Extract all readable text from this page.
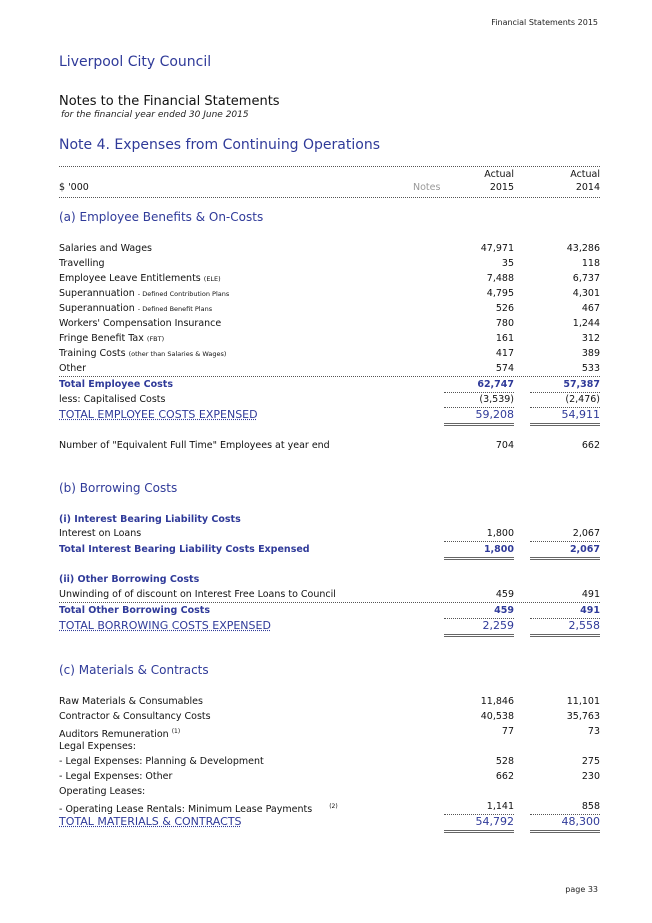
Financial Statements 2015
Liverpool City Council
Notes to the Financial Statements
for the financial year ended 30 June 2015
Note 4. Expenses from Continuing Operations
Actual	Actual
$ '000	Notes	2015	2014
(a) Employee Benefits & On-Costs
Salaries and Wages	47,971	43,286
Travelling	35	118
Employee Leave Entitlements (ELE)	7,488	6,737
Superannuation - Defined Contribution Plans	4,795	4,301
Superannuation - Defined Benefit Plans	526	467
Workers' Compensation Insurance	780	1,244
Fringe Benefit Tax (FBT)	161	312
Training Costs (other than Salaries & Wages)	417	389
Other	574	533
Total Employee Costs	62,747	57,387
less: Capitalised Costs	(3,539)	(2,476)
TOTAL EMPLOYEE COSTS EXPENSED	59,208	54,911
Number of "Equivalent Full Time" Employees at year end	704	662
(b) Borrowing Costs
(i) Interest Bearing Liability Costs
Interest on Loans	1,800	2,067
Total Interest Bearing Liability Costs Expensed	1,800	2,067
(ii) Other Borrowing Costs
Unwinding of of discount on Interest Free Loans to Council	459	491
Total Other Borrowing Costs	459	491
TOTAL BORROWING COSTS EXPENSED	2,259	2,558
(c) Materials & Contracts
Raw Materials & Consumables	11,846	11,101
Contractor & Consultancy Costs	40,538	35,763
Auditors Remuneration $^{(1)}$	77	73
Legal Expenses:
- Legal Expenses: Planning & Development	528	275
- Legal Expenses: Other	662	230
Operating Leases:
- Operating Lease Rentals: Minimum Lease Payments	$^{(2)}$	1,141	858
TOTAL MATERIALS & CONTRACTS	54,792	48,300
page 33
